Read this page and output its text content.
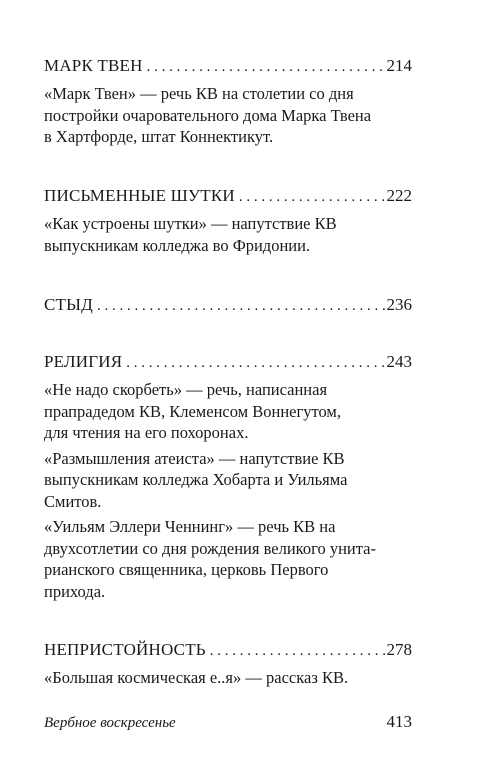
МАРК ТВЕН . . .	214

«Марк Твен» — речь КВ на столетии со дня
постройки очаровательного дома Марка Твена
в Хартфорде, штат Коннектикут.

ПИСЬМЕННЫЕ ШУТКИ . . .	222

«Как устроены шутки» — напутствие КВ
выпускникам колледжа во Фридонии.

СТЫД . . .	236
РЕЛИГИЯ . . .	243

«Не надо скорбеть» — речь, написанная
прапрадедом КВ, Клеменсом Воннегутом,
для чтения на его похоронах.

«Размышления атеиста» — напутствие КВ
выпускникам колледжа Хобарта и Уильяма
Смитов.

«Уильям Эллери Ченнинг» — речь КВ на
двухсотлетии со дня рождения великого унита-
рианского священника, церковь Первого
прихода.

НЕПРИСТОЙНОСТЬ . . .	278

«Большая космическая е..я» — рассказ КВ.

Вербное воскресенье	413
